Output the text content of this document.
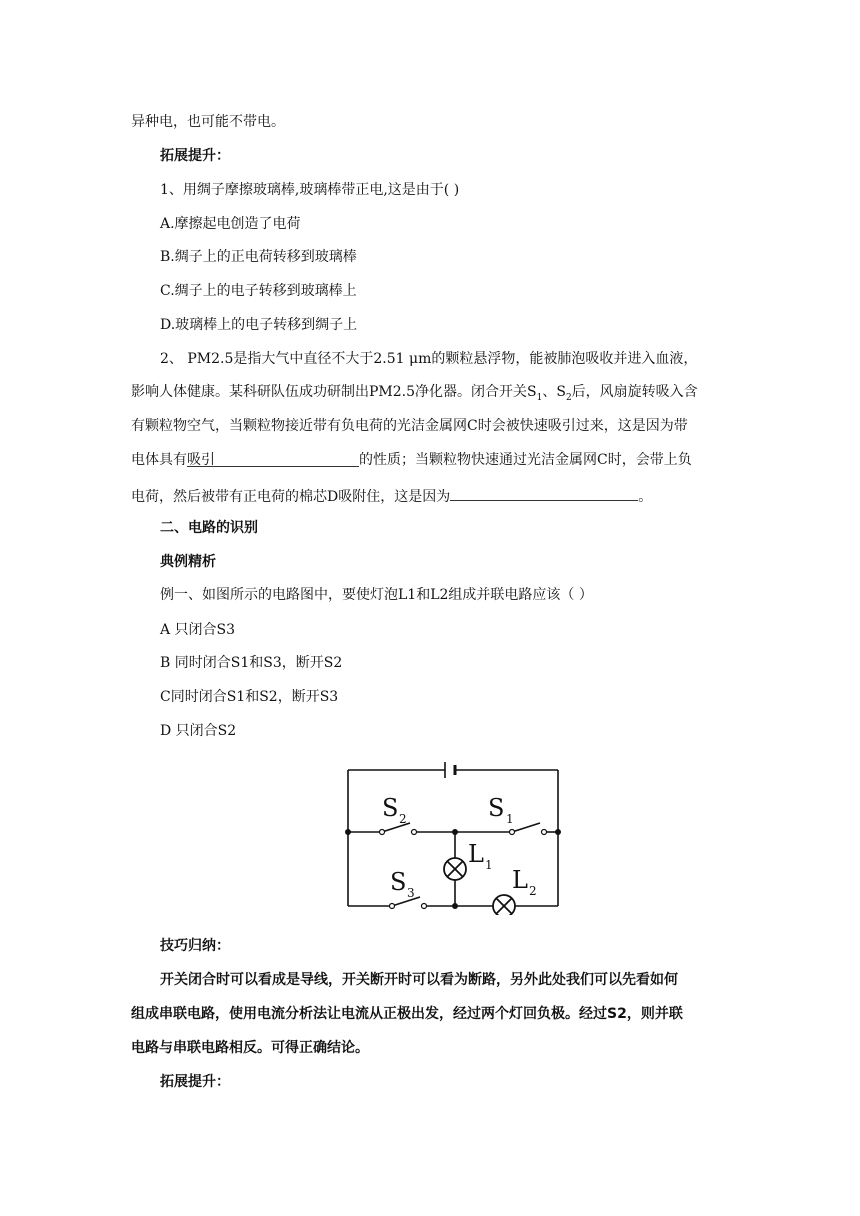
异种电，也可能不带电。
拓展提升：
1、用绸子摩擦玻璃棒,玻璃棒带正电,这是由于( )
A.摩擦起电创造了电荷
B.绸子上的正电荷转移到玻璃棒
C.绸子上的电子转移到玻璃棒上
D.玻璃棒上的电子转移到绸子上
2、 PM2.5是指大气中直径不大于2.51 μm的颗粒悬浮物，能被肺泡吸收并进入血液，
影响人体健康。某科研队伍成功研制出PM2.5净化器。闭合开关$S_1$、$S_2$后，风扇旋转吸入含
有颗粒物空气，当颗粒物接近带有负电荷的光洁金属网C时会被快速吸引过来，这是因为带
电体具有吸引	的性质；当颗粒物快速通过光洁金属网C时，会带上负
电荷，然后被带有正电荷的棉芯D吸附住，这是因为	。
二、电路的识别
典例精析
例一、如图所示的电路图中，要使灯泡L1和L2组成并联电路应该（ ）
A 只闭合S3
B 同时闭合S1和S3，断开S2
C同时闭合S1和S2，断开S3
D 只闭合S2
S 2	S 1
S 3
L 1
L 2
技巧归纳：
开关闭合时可以看成是导线，开关断开时可以看为断路，另外此处我们可以先看如何
组成串联电路，使用电流分析法让电流从正极出发，经过两个灯回负极。经过S2，则并联
电路与串联电路相反。可得正确结论。
拓展提升：
